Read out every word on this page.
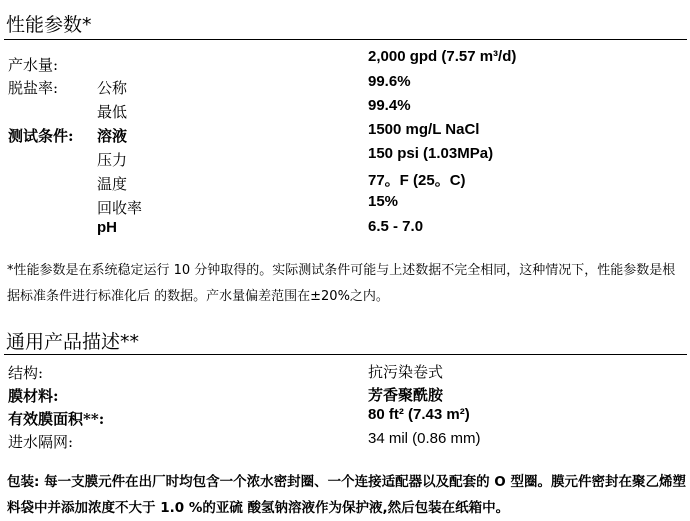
性能参数*
产水量:	2,000 gpd (7.57 m³/d)
脱盐率:	公称	99.6%
最低	99.4%
测试条件: 溶液	1500 mg/L NaCl
压力	150 psi (1.03MPa)
温度	77。F (25。C)
回收率	15%
pH	6.5 - 7.0
*性能参数是在系统稳定运行 10 分钟取得的。实际测试条件可能与上述数据不完全相同，这种情况下，性能参数是根据标准条件进行标准化后 的数据。产水量偏差范围在±20%之内。
通用产品描述**
结构:	抗污染卷式
膜材料:	芳香聚酰胺
有效膜面积**:	80 ft² (7.43 m²)
进水隔网:	34 mil (0.86 mm)
包装: 每一支膜元件在出厂时均包含一个浓水密封圈、一个连接适配器以及配套的 O 型圈。膜元件密封在聚乙烯塑料袋中并添加浓度不大于 1.0 %的亚硫 酸氢钠溶液作为保护液,然后包装在纸箱中。
